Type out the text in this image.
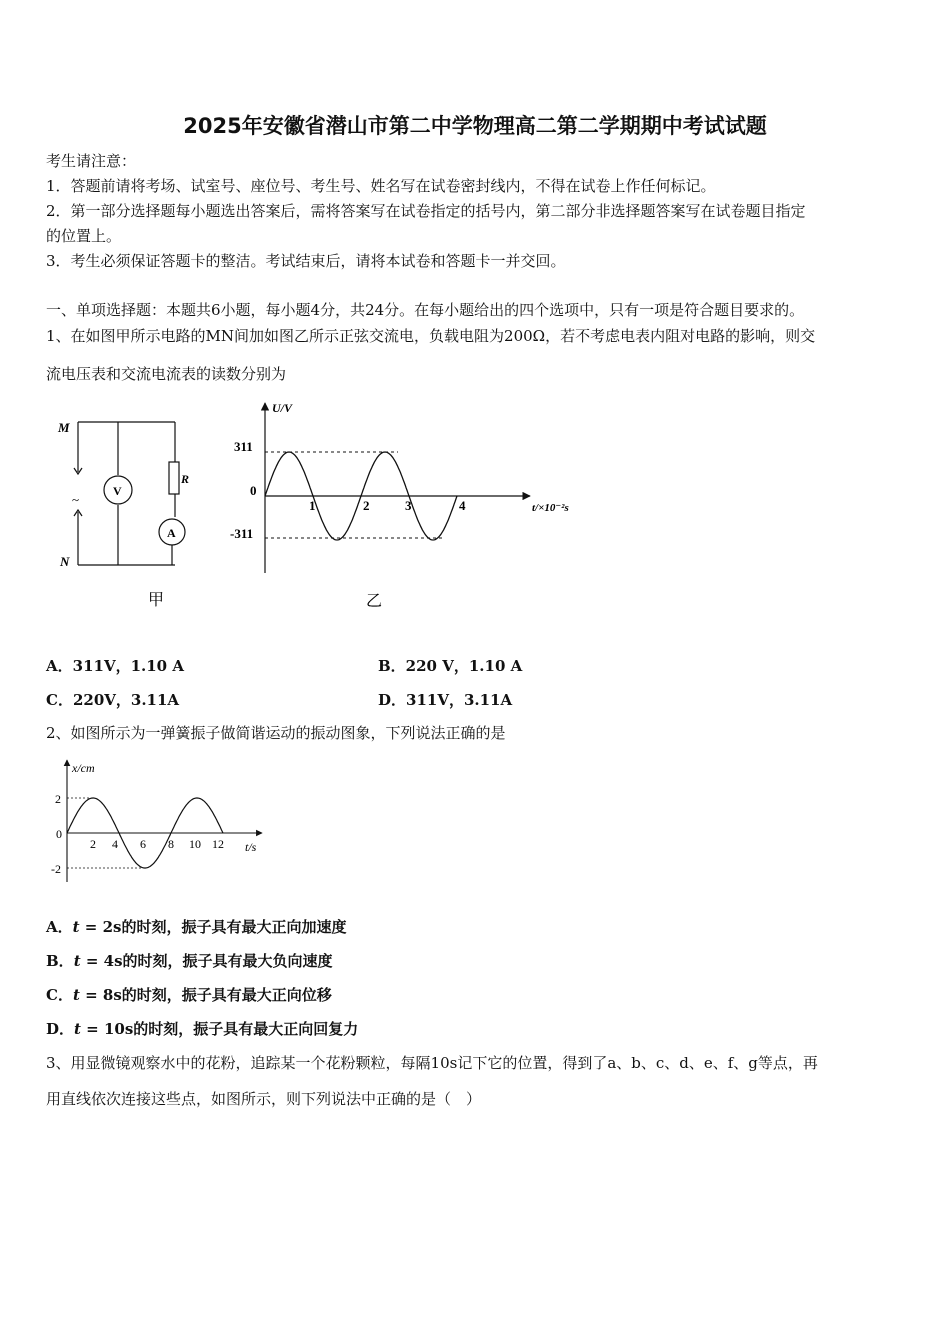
2025年安徽省潜山市第二中学物理高二第二学期期中考试试题
考生请注意：
1．答题前请将考场、试室号、座位号、考生号、姓名写在试卷密封线内，不得在试卷上作任何标记。
2．第一部分选择题每小题选出答案后，需将答案写在试卷指定的括号内，第二部分非选择题答案写在试卷题目指定
的位置上。
3．考生必须保证答题卡的整洁。考试结束后，请将本试卷和答题卡一并交回。
一、单项选择题：本题共6小题，每小题4分，共24分。在每小题给出的四个选项中，只有一项是符合题目要求的。
1、在如图甲所示电路的MN间加如图乙所示正弦交流电，负载电阻为200Ω，若不考虑电表内阻对电路的影响，则交
流电压表和交流电流表的读数分别为
M
N
~
V
A
R
甲
U/V
t/×10⁻²s
0
311
-311
1	2	3	4
乙
A．311V，1.10 A	B．220 V，1.10 A
C．220V，3.11A	D．311V，3.11A
2、如图所示为一弹簧振子做简谐运动的振动图象，下列说法正确的是
x/cm
t/s
0
2
-2
2 4 6 8 10 12
A．t = 2s的时刻，振子具有最大正向加速度
B．t = 4s的时刻，振子具有最大负向速度
C．t = 8s的时刻，振子具有最大正向位移
D．t = 10s的时刻，振子具有最大正向回复力
3、用显微镜观察水中的花粉，追踪某一个花粉颗粒，每隔10s记下它的位置，得到了a、b、c、d、e、f、g等点，再
用直线依次连接这些点，如图所示，则下列说法中正确的是（　）
